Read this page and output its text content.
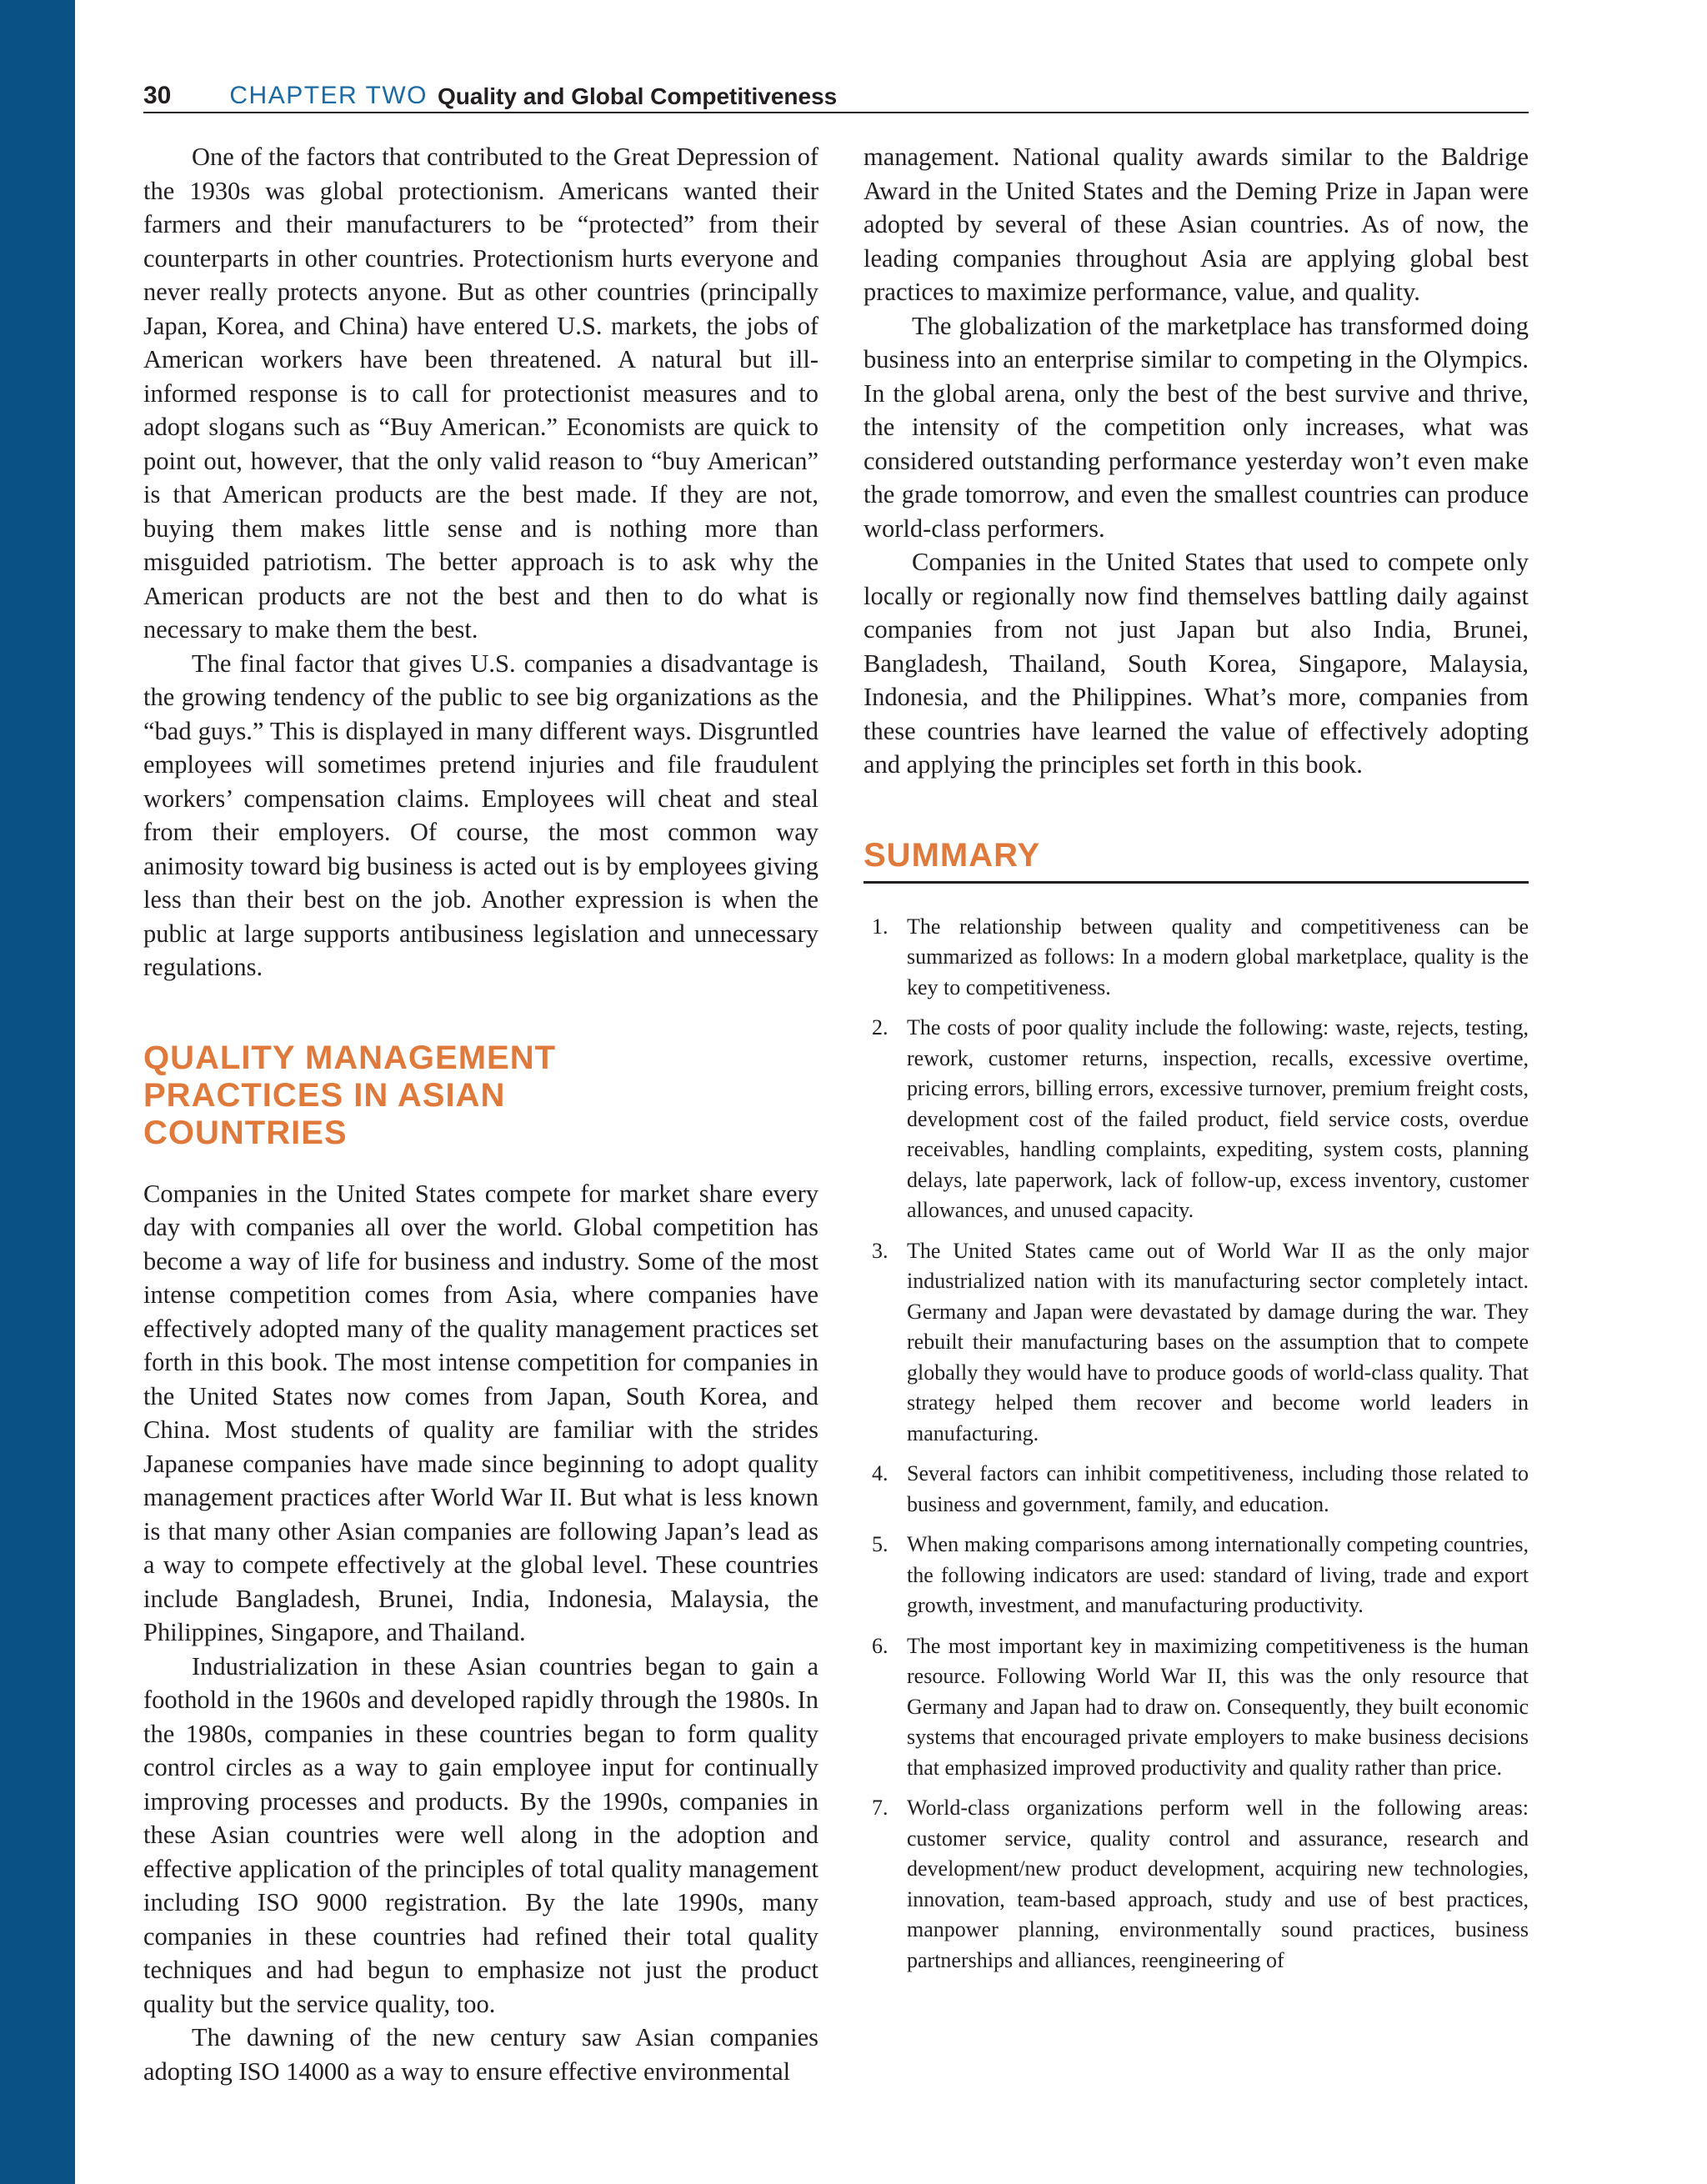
30 CHAPTER TWO Quality and Global Competitiveness

One of the factors that contributed to the Great Depression of the 1930s was global protectionism. Americans wanted their farmers and their manufacturers to be “protected” from their counterparts in other countries. Protectionism hurts everyone and never really protects anyone. But as other countries (principally Japan, Korea, and China) have entered U.S. markets, the jobs of American workers have been threatened. A natural but ill-informed response is to call for protectionist measures and to adopt slogans such as “Buy American.” Economists are quick to point out, however, that the only valid reason to “buy American” is that American products are the best made. If they are not, buying them makes little sense and is nothing more than misguided patriotism. The better approach is to ask why the American products are not the best and then to do what is necessary to make them the best.

The final factor that gives U.S. companies a disadvantage is the growing tendency of the public to see big organizations as the “bad guys.” This is displayed in many different ways. Disgruntled employees will sometimes pretend injuries and file fraudulent workers’ compensation claims. Employees will cheat and steal from their employers. Of course, the most common way animosity toward big business is acted out is by employees giving less than their best on the job. Another expression is when the public at large supports antibusiness legislation and unnecessary regulations.

QUALITY MANAGEMENT
PRACTICES IN ASIAN
COUNTRIES

Companies in the United States compete for market share every day with companies all over the world. Global competition has become a way of life for business and industry. Some of the most intense competition comes from Asia, where companies have effectively adopted many of the quality management practices set forth in this book. The most intense competition for companies in the United States now comes from Japan, South Korea, and China. Most students of quality are familiar with the strides Japanese companies have made since beginning to adopt quality management practices after World War II. But what is less known is that many other Asian companies are following Japan’s lead as a way to compete effectively at the global level. These countries include Bangladesh, Brunei, India, Indonesia, Malaysia, the Philippines, Singapore, and Thailand.

Industrialization in these Asian countries began to gain a foothold in the 1960s and developed rapidly through the 1980s. In the 1980s, companies in these countries began to form quality control circles as a way to gain employee input for continually improving processes and products. By the 1990s, companies in these Asian countries were well along in the adoption and effective application of the principles of total quality management including ISO 9000 registration. By the late 1990s, many companies in these countries had refined their total quality techniques and had begun to emphasize not just the product quality but the service quality, too.

The dawning of the new century saw Asian companies adopting ISO 14000 as a way to ensure effective environmental

management. National quality awards similar to the Baldrige Award in the United States and the Deming Prize in Japan were adopted by several of these Asian countries. As of now, the leading companies throughout Asia are applying global best practices to maximize performance, value, and quality.

The globalization of the marketplace has transformed doing business into an enterprise similar to competing in the Olympics. In the global arena, only the best of the best survive and thrive, the intensity of the competition only increases, what was considered outstanding performance yesterday won’t even make the grade tomorrow, and even the smallest countries can produce world-class performers.

Companies in the United States that used to compete only locally or regionally now find themselves battling daily against companies from not just Japan but also India, Brunei, Bangladesh, Thailand, South Korea, Singapore, Malaysia, Indonesia, and the Philippines. What’s more, companies from these countries have learned the value of effectively adopting and applying the principles set forth in this book.

SUMMARY
1. The relationship between quality and competitiveness can be summarized as follows: In a modern global marketplace, quality is the key to competitiveness.
2. The costs of poor quality include the following: waste, rejects, testing, rework, customer returns, inspection, recalls, excessive overtime, pricing errors, billing errors, excessive turnover, premium freight costs, development cost of the failed product, field service costs, overdue receivables, handling complaints, expediting, system costs, planning delays, late paperwork, lack of follow-up, excess inventory, customer allowances, and unused capacity.
3. The United States came out of World War II as the only major industrialized nation with its manufacturing sector completely intact. Germany and Japan were devastated by damage during the war. They rebuilt their manufacturing bases on the assumption that to compete globally they would have to produce goods of world-class quality. That strategy helped them recover and become world leaders in manufacturing.
4. Several factors can inhibit competitiveness, including those related to business and government, family, and education.
5. When making comparisons among internationally competing countries, the following indicators are used: standard of living, trade and export growth, investment, and manufacturing productivity.
6. The most important key in maximizing competitiveness is the human resource. Following World War II, this was the only resource that Germany and Japan had to draw on. Consequently, they built economic systems that encouraged private employers to make business decisions that emphasized improved productivity and quality rather than price.
7. World-class organizations perform well in the following areas: customer service, quality control and assurance, research and development/new product development, acquiring new technologies, innovation, team-based approach, study and use of best practices, manpower planning, environmentally sound practices, business partnerships and alliances, reengineering of
